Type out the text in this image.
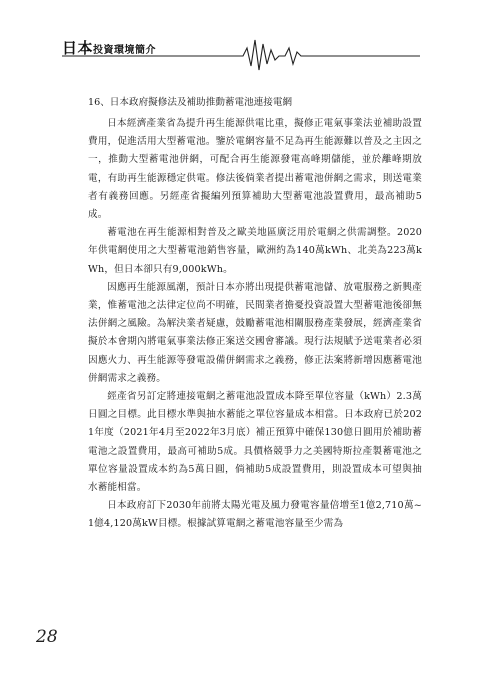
日本投資環境簡介
16、日本政府擬修法及補助推動蓄電池連接電網

日本經濟產業省為提升再生能源供電比重，擬修正電氣事業法並補助設置費用，促進活用大型蓄電池。鑒於電網容量不足為再生能源難以普及之主因之一，推動大型蓄電池併網，可配合再生能源發電高峰期儲能，並於離峰期放電，有助再生能源穩定供電。修法後倘業者提出蓄電池併網之需求，則送電業者有義務回應。另經產省擬編列預算補助大型蓄電池設置費用，最高補助5成。

蓄電池在再生能源相對普及之歐美地區廣泛用於電網之供需調整。2020年供電網使用之大型蓄電池銷售容量，歐洲約為140萬kWh、北美為223萬kWh，但日本卻只有9,000kWh。

因應再生能源風潮，預計日本亦將出現提供蓄電池儲、放電服務之新興產業，惟蓄電池之法律定位尚不明確，民間業者擔憂投資設置大型蓄電池後卻無法併網之風險。為解決業者疑慮，鼓勵蓄電池相關服務產業發展，經濟產業省擬於本會期內將電氣事業法修正案送交國會審議。現行法規賦予送電業者必須因應火力、再生能源等發電設備併網需求之義務，修正法案將新增因應蓄電池併網需求之義務。

經產省另訂定將連接電網之蓄電池設置成本降至單位容量（kWh）2.3萬日圓之目標。此目標水準與抽水蓄能之單位容量成本相當。日本政府已於2021年度（2021年4月至2022年3月底）補正預算中確保130億日圓用於補助蓄電池之設置費用，最高可補助5成。具價格競爭力之美國特斯拉產製蓄電池之單位容量設置成本約為5萬日圓，倘補助5成設置費用，則設置成本可望與抽水蓄能相當。

日本政府訂下2030年前將太陽光電及風力發電容量倍增至1億2,710萬~1億4,120萬kW目標。根據試算電網之蓄電池容量至少需為

28
